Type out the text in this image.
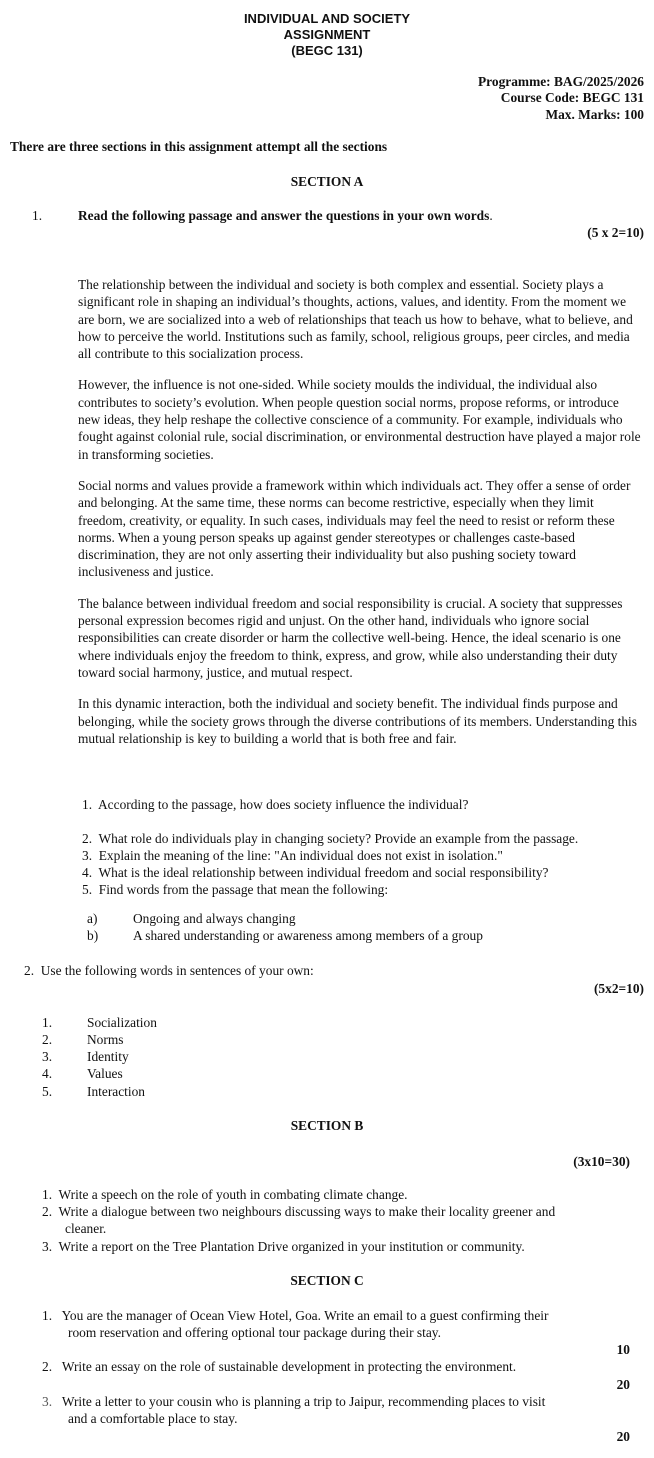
INDIVIDUAL AND SOCIETY
ASSIGNMENT
(BEGC 131)
Programme: BAG/2025/2026
Course Code: BEGC 131
Max. Marks: 100
There are three sections in this assignment attempt all the sections
SECTION A
1.	Read the following passage and answer the questions in your own words.
(5 x 2=10)

The relationship between the individual and society is both complex and essential. Society plays a significant role in shaping an individual’s thoughts, actions, values, and identity. From the moment we are born, we are socialized into a web of relationships that teach us how to behave, what to believe, and how to perceive the world. Institutions such as family, school, religious groups, peer circles, and media all contribute to this socialization process.

However, the influence is not one-sided. While society moulds the individual, the individual also contributes to society’s evolution. When people question social norms, propose reforms, or introduce new ideas, they help reshape the collective conscience of a community. For example, individuals who fought against colonial rule, social discrimination, or environmental destruction have played a major role in transforming societies.

Social norms and values provide a framework within which individuals act. They offer a sense of order and belonging. At the same time, these norms can become restrictive, especially when they limit freedom, creativity, or equality. In such cases, individuals may feel the need to resist or reform these norms. When a young person speaks up against gender stereotypes or challenges caste-based discrimination, they are not only asserting their individuality but also pushing society toward inclusiveness and justice.

The balance between individual freedom and social responsibility is crucial. A society that suppresses personal expression becomes rigid and unjust. On the other hand, individuals who ignore social responsibilities can create disorder or harm the collective well-being. Hence, the ideal scenario is one where individuals enjoy the freedom to think, express, and grow, while also understanding their duty toward social harmony, justice, and mutual respect.

In this dynamic interaction, both the individual and society benefit. The individual finds purpose and belonging, while the society grows through the diverse contributions of its members. Understanding this mutual relationship is key to building a world that is both free and fair.

1. According to the passage, how does society influence the individual?
2. What role do individuals play in changing society? Provide an example from the passage.
3. Explain the meaning of the line: "An individual does not exist in isolation."
4. What is the ideal relationship between individual freedom and social responsibility?
5. Find words from the passage that mean the following:
a)	Ongoing and always changing
b)	A shared understanding or awareness among members of a group
2. Use the following words in sentences of your own:
(5x2=10)
1.	Socialization
2.	Norms
3.	Identity
4.	Values
5.	Interaction
SECTION B
(3x10=30)
1. Write a speech on the role of youth in combating climate change.
2. Write a dialogue between two neighbours discussing ways to make their locality greener and
cleaner.
3. Write a report on the Tree Plantation Drive organized in your institution or community.
SECTION C
1. You are the manager of Ocean View Hotel, Goa. Write an email to a guest confirming their
room reservation and offering optional tour package during their stay.
10
2. Write an essay on the role of sustainable development in protecting the environment.
20
3. Write a letter to your cousin who is planning a trip to Jaipur, recommending places to visit
and a comfortable place to stay.
20
